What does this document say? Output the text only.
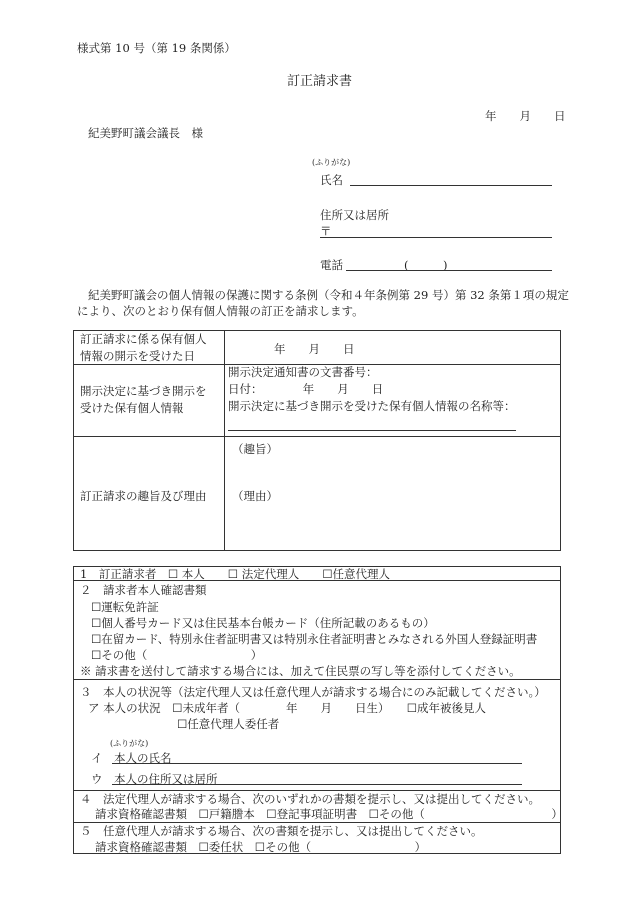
様式第 10 号（第 19 条関係）
訂正請求書
年　　月　　日
紀美野町議会議長　様
(ふりがな)
氏名
住所又は居所
〒
電話	(　　　)
紀美野町議会の個人情報の保護に関する条例（令和４年条例第 29 号）第 32 条第１項の規定
により、次のとおり保有個人情報の訂正を請求します。
訂正請求に係る保有個人
情報の開示を受けた日	年　　月　　日
開示決定に基づき開示を
受けた保有個人情報
開示決定通知書の文書番号：
日付：　　　　年　　月　　日
開示決定に基づき開示を受けた保有個人情報の名称等：
訂正請求の趣旨及び理由
（趣旨）
（理由）
1　訂正請求者　☐ 本人　　☐ 法定代理人　　☐任意代理人
２　請求者本人確認書類
☐運転免許証
☐個人番号カード又は住民基本台帳カード（住所記載のあるもの）
☐在留カード、特別永住者証明書又は特別永住者証明書とみなされる外国人登録証明書
☐その他（　　　　　　　　　）
※ 請求書を送付して請求する場合には、加えて住民票の写し等を添付してください。
３　本人の状況等（法定代理人又は任意代理人が請求する場合にのみ記載してください。）
ア 本人の状況　☐未成年者（　　　　年　　月　　日生）　　☐成年被後見人
☐任意代理人委任者
(ふりがな)
イ　本人の氏名
ウ　本人の住所又は居所
４　法定代理人が請求する場合、次のいずれかの書類を提示し、又は提出してください。
請求資格確認書類　☐戸籍謄本　☐登記事項証明書　☐その他（　　　　　　　　　　　）
５　任意代理人が請求する場合、次の書類を提示し、又は提出してください。
請求資格確認書類　☐委任状　☐その他（　　　　　　　　　）
